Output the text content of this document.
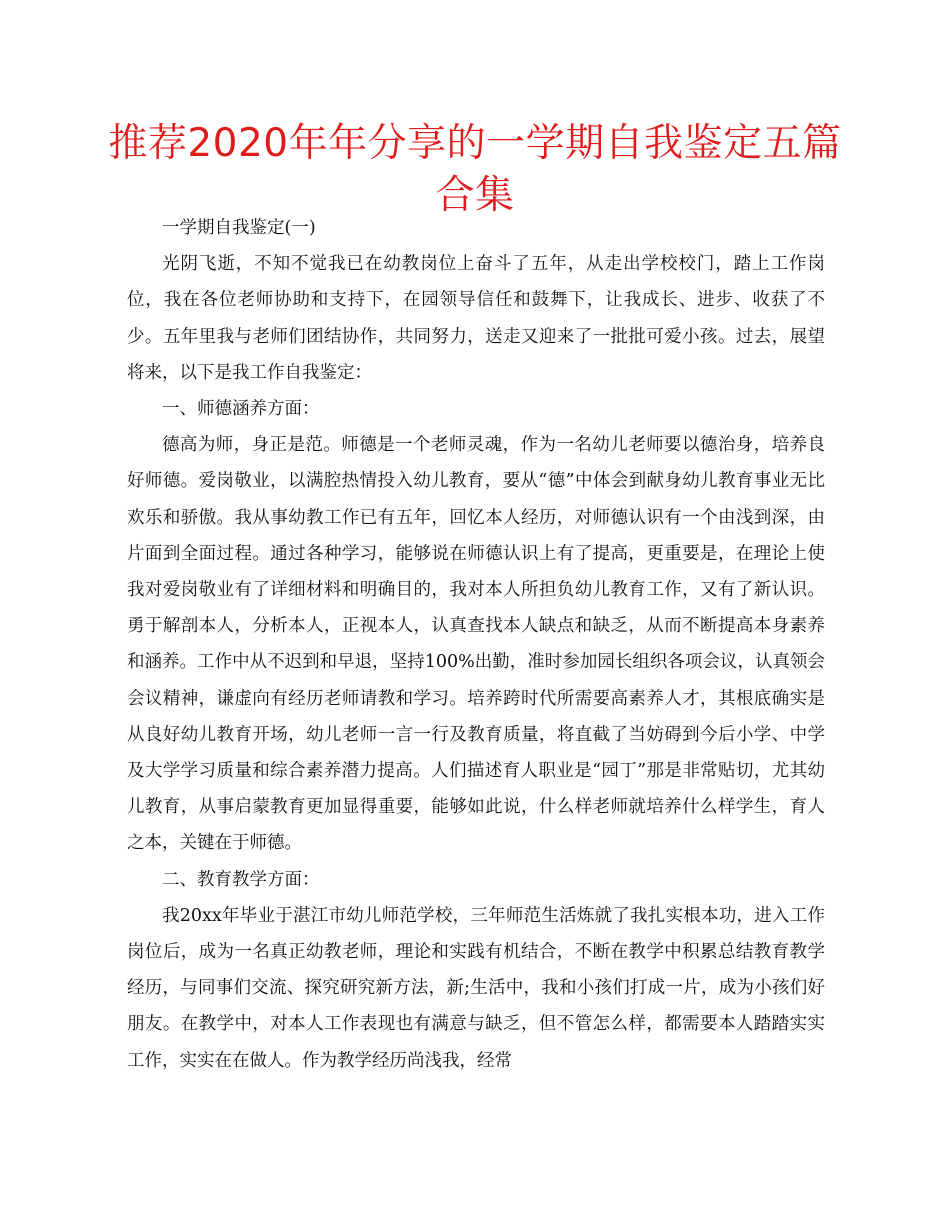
推荐2020年年分享的一学期自我鉴定五篇合集

一学期自我鉴定(一)

光阴飞逝，不知不觉我已在幼教岗位上奋斗了五年，从走出学校校门，踏上工作岗位，我在各位老师协助和支持下，在园领导信任和鼓舞下，让我成长、进步、收获了不少。五年里我与老师们团结协作，共同努力，送走又迎来了一批批可爱小孩。过去，展望将来，以下是我工作自我鉴定：

一、师德涵养方面：

德高为师，身正是范。师德是一个老师灵魂，作为一名幼儿老师要以德治身，培养良好师德。爱岗敬业，以满腔热情投入幼儿教育，要从“德”中体会到献身幼儿教育事业无比欢乐和骄傲。我从事幼教工作已有五年，回忆本人经历，对师德认识有一个由浅到深，由片面到全面过程。通过各种学习，能够说在师德认识上有了提高，更重要是，在理论上使我对爱岗敬业有了详细材料和明确目的，我对本人所担负幼儿教育工作，又有了新认识。勇于解剖本人，分析本人，正视本人，认真查找本人缺点和缺乏，从而不断提高本身素养和涵养。工作中从不迟到和早退，坚持100%出勤，准时参加园长组织各项会议，认真领会会议精神，谦虚向有经历老师请教和学习。培养跨时代所需要高素养人才，其根底确实是从良好幼儿教育开场，幼儿老师一言一行及教育质量，将直截了当妨碍到今后小学、中学及大学学习质量和综合素养潜力提高。人们描述育人职业是“园丁”那是非常贴切，尤其幼儿教育，从事启蒙教育更加显得重要，能够如此说，什么样老师就培养什么样学生，育人之本，关键在于师德。

二、教育教学方面：

我20xx年毕业于湛江市幼儿师范学校，三年师范生活炼就了我扎实根本功，进入工作岗位后，成为一名真正幼教老师，理论和实践有机结合，不断在教学中积累总结教育教学经历，与同事们交流、探究研究新方法，新;生活中，我和小孩们打成一片，成为小孩们好朋友。在教学中，对本人工作表现也有满意与缺乏，但不管怎么样，都需要本人踏踏实实工作，实实在在做人。作为教学经历尚浅我，经常
